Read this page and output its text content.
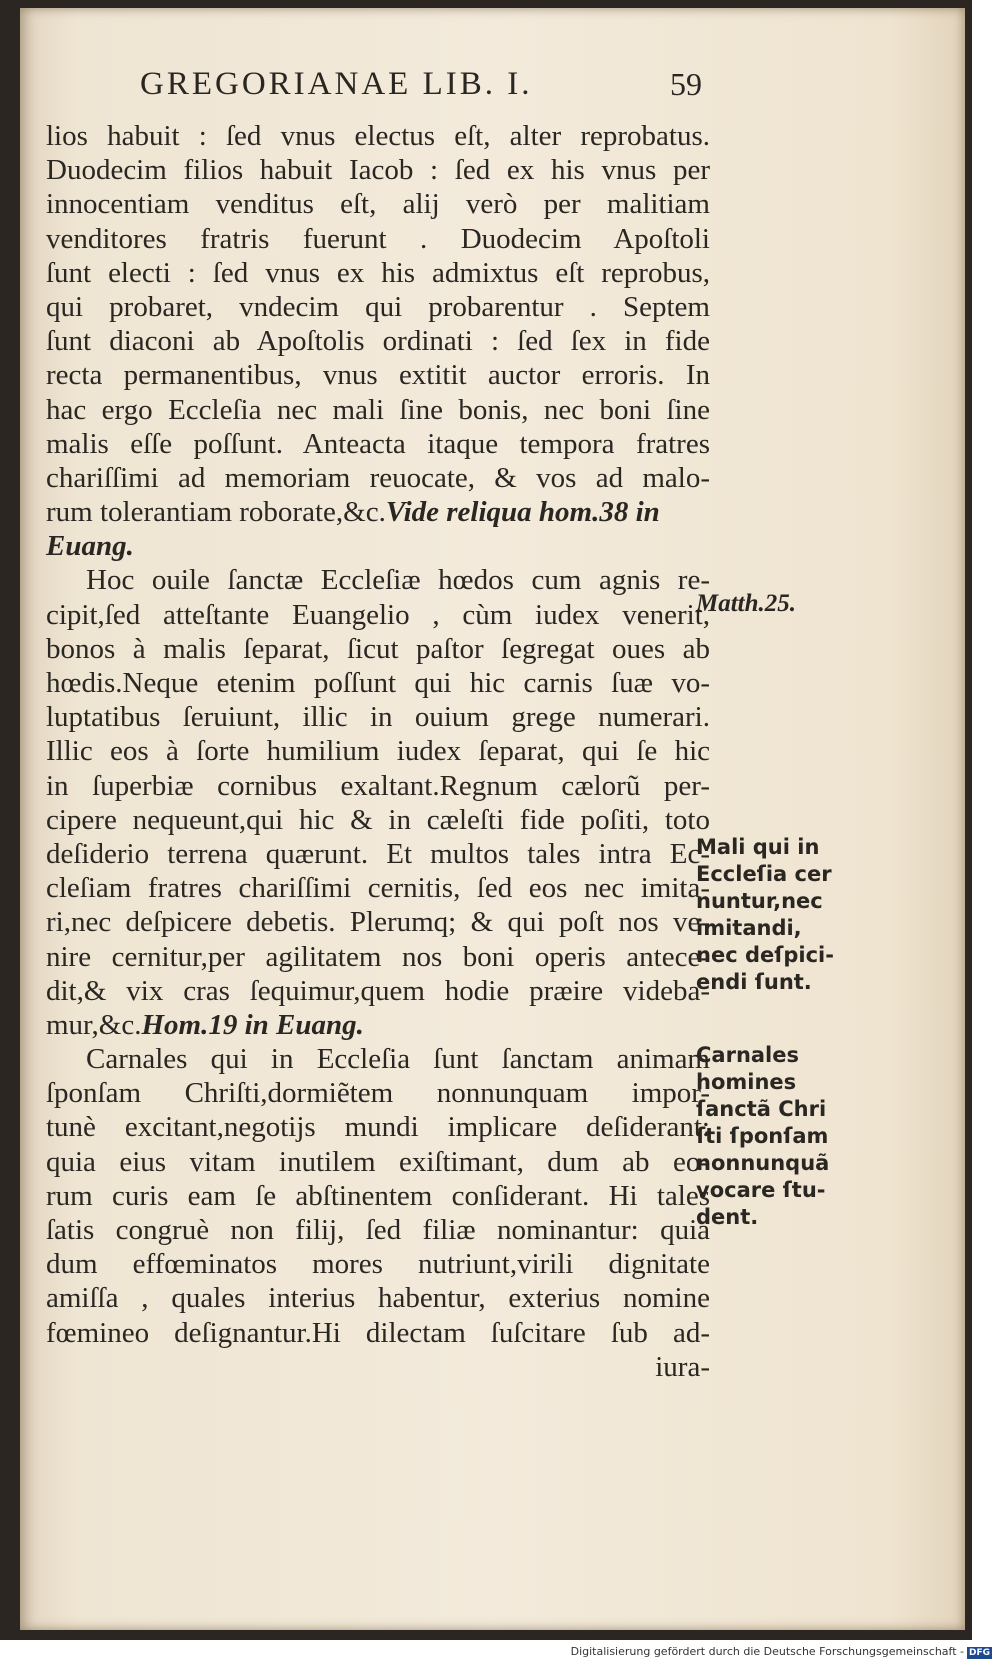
GREGORIANAE LIB. I.	59
lios habuit : ſed vnus electus eſt, alter reprobatus.
Duodecim filios habuit Iacob : ſed ex his vnus per
innocentiam venditus eſt, alij verò per malitiam
venditores fratris fuerunt . Duodecim Apoſtoli
ſunt electi : ſed vnus ex his admixtus eſt reprobus,
qui probaret, vndecim qui probarentur . Septem
ſunt diaconi ab Apoſtolis ordinati : ſed ſex in fide
recta permanentibus, vnus extitit auctor erroris. In
hac ergo Eccleſia nec mali ſine bonis, nec boni ſine
malis eſſe poſſunt. Anteacta itaque tempora fratres
chariſſimi ad memoriam reuocate, & vos ad malo-
rum tolerantiam roborate,&c.Vide reliqua hom.38 in
Euang.
Hoc ouile ſanctæ Eccleſiæ hœdos cum agnis re-
cipit,ſed atteſtante Euangelio , cùm iudex venerit,
bonos à malis ſeparat, ſicut paſtor ſegregat oues ab
hœdis.Neque etenim poſſunt qui hic carnis ſuæ vo-
luptatibus ſeruiunt, illic in ouium grege numerari.
Illic eos à ſorte humilium iudex ſeparat, qui ſe hic
in ſuperbiæ cornibus exaltant.Regnum cælorũ per-
cipere nequeunt,qui hic & in cæleſti fide poſiti, toto
deſiderio terrena quærunt. Et multos tales intra Ec-
cleſiam fratres chariſſimi cernitis, ſed eos nec imita-
ri,nec deſpicere debetis. Plerumq; & qui poſt nos ve-
nire cernitur,per agilitatem nos boni operis antece-
dit,& vix cras ſequimur,quem hodie præire videba-
mur,&c.Hom.19 in Euang.
Carnales qui in Eccleſia ſunt ſanctam animam
ſponſam Chriſti,dormiẽtem nonnunquam impor-
tunè excitant,negotijs mundi implicare deſiderant:
quia eius vitam inutilem exiſtimant, dum ab eo-
rum curis eam ſe abſtinentem conſiderant. Hi tales
ſatis congruè non filij, ſed filiæ nominantur: quia
dum effœminatos mores nutriunt,virili dignitate
amiſſa , quales interius habentur, exterius nomine
fœmineo deſignantur.Hi dilectam ſuſcitare ſub ad-
iura-
Matth.25.
Mali qui in
Eccleſia cer
nuntur,nec
imitandi,
nec deſpici-
endi ſunt.
Carnales
homines
ſanctã Chri
ſti ſponſam
nonnunquã
vocare ſtu-
dent.
Digitalisierung gefördert durch die Deutsche Forschungsgemeinschaft - DFG
